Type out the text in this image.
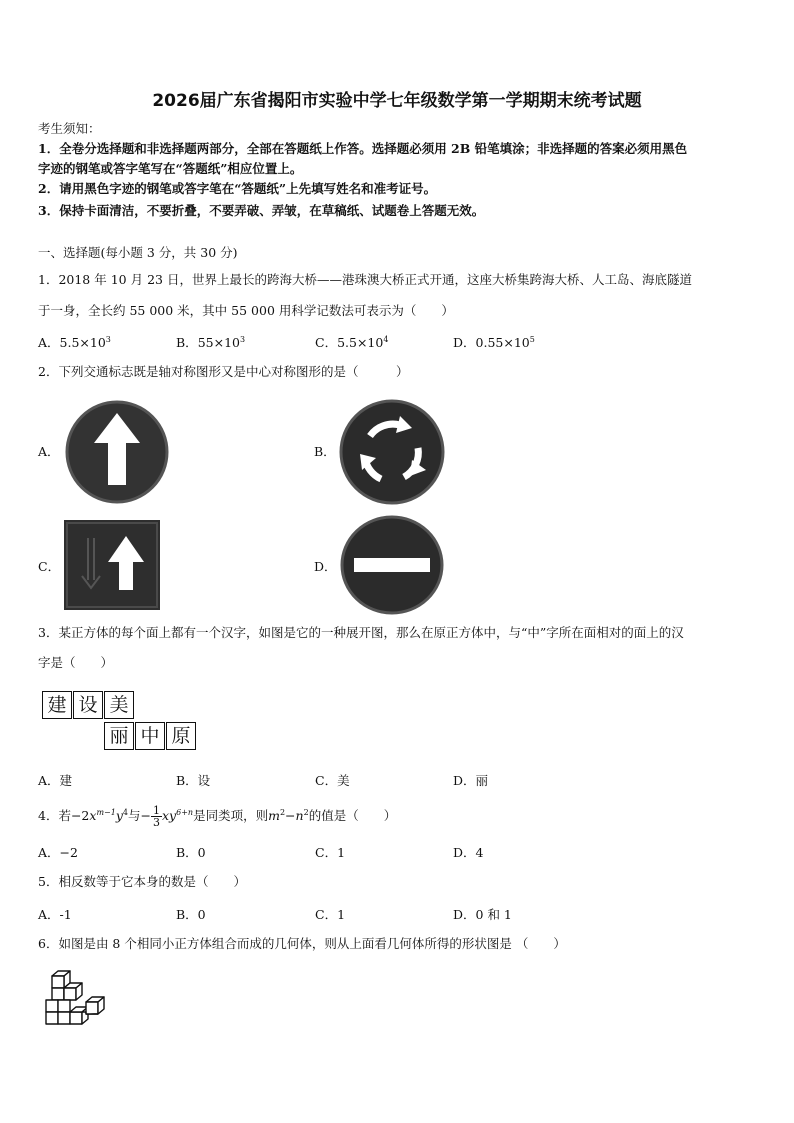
2026届广东省揭阳市实验中学七年级数学第一学期期末统考试题
考生须知：
1．全卷分选择题和非选择题两部分，全部在答题纸上作答。选择题必须用 2B 铅笔填涂；非选择题的答案必须用黑色
字迹的钢笔或答字笔写在“答题纸”相应位置上。
2．请用黑色字迹的钢笔或答字笔在“答题纸”上先填写姓名和准考证号。
3．保持卡面清洁，不要折叠，不要弄破、弄皱，在草稿纸、试题卷上答题无效。
一、选择题(每小题 3 分，共 30 分)
1．2018 年 10 月 23 日，世界上最长的跨海大桥——港珠澳大桥正式开通，这座大桥集跨海大桥、人工岛、海底隧道
于一身，全长约 55 000 米，其中 55 000 用科学记数法可表示为（　　）
A．$5.5\times 10^3$	B．$55\times 10^3$	C．$5.5\times 10^4$	D．$0.55\times 10^5$
2．下列交通标志既是轴对称图形又是中心对称图形的是（　　　）
A．	B．
C．	D．
3．某正方体的每个面上都有一个汉字，如图是它的一种展开图，那么在原正方体中，与“中”字所在面相对的面上的汉
字是（　　）
建 设 美
丽 中 原
A．建	B．设	C．美	D．丽
4．若$-2x^{m-1}y^4$与− $\frac{1}{3} xy^{6+n}$是同类项，则$m^2-n^2$的值是（　　）
A．−2	B．0	C．1	D．4
5．相反数等于它本身的数是（　　）
A．-1	B．0	C．1	D．0 和 1
6．如图是由 8 个相同小正方体组合而成的几何体，则从上面看几何体所得的形状图是 （　　）
